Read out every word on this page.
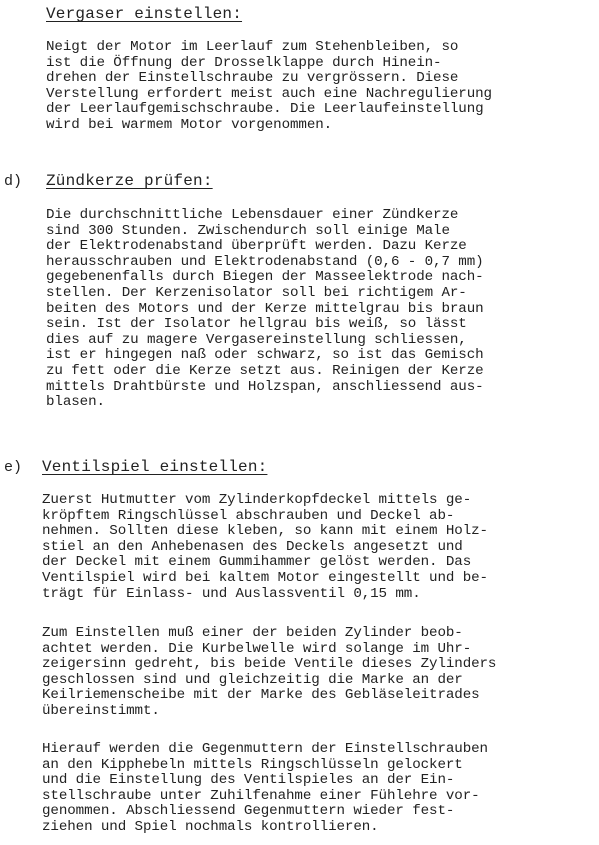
Vergaser einstellen:
Neigt der Motor im Leerlauf zum Stehenbleiben, so
ist die Öffnung der Drosselklappe durch Hinein-
drehen der Einstellschraube zu vergrössern. Diese
Verstellung erfordert meist auch eine Nachregulierung
der Leerlaufgemischschraube. Die Leerlaufeinstellung
wird bei warmem Motor vorgenommen.
d) Zündkerze prüfen:
Die durchschnittliche Lebensdauer einer Zündkerze
sind 300 Stunden. Zwischendurch soll einige Male
der Elektrodenabstand überprüft werden. Dazu Kerze
herausschrauben und Elektrodenabstand (0,6 - 0,7 mm)
gegebenenfalls durch Biegen der Masseelektrode nach-
stellen. Der Kerzenisolator soll bei richtigem Ar-
beiten des Motors und der Kerze mittelgrau bis braun
sein. Ist der Isolator hellgrau bis weiß, so lässt
dies auf zu magere Vergasereinstellung schliessen,
ist er hingegen naß oder schwarz, so ist das Gemisch
zu fett oder die Kerze setzt aus. Reinigen der Kerze
mittels Drahtbürste und Holzspan, anschliessend aus-
blasen.
e) Ventilspiel einstellen:
Zuerst Hutmutter vom Zylinderkopfdeckel mittels ge-
kröpftem Ringschlüssel abschrauben und Deckel ab-
nehmen. Sollten diese kleben, so kann mit einem Holz-
stiel an den Anhebenasen des Deckels angesetzt und
der Deckel mit einem Gummihammer gelöst werden. Das
Ventilspiel wird bei kaltem Motor eingestellt und be-
trägt für Einlass- und Auslassventil 0,15 mm.
Zum Einstellen muß einer der beiden Zylinder beob-
achtet werden. Die Kurbelwelle wird solange im Uhr-
zeigersinn gedreht, bis beide Ventile dieses Zylinders
geschlossen sind und gleichzeitig die Marke an der
Keilriemenscheibe mit der Marke des Gebläseleitrades
übereinstimmt.
Hierauf werden die Gegenmuttern der Einstellschrauben
an den Kipphebeln mittels Ringschlüsseln gelockert
und die Einstellung des Ventilspieles an der Ein-
stellschraube unter Zuhilfenahme einer Fühlehre vor-
genommen. Abschliessend Gegenmuttern wieder fest-
ziehen und Spiel nochmals kontrollieren.
